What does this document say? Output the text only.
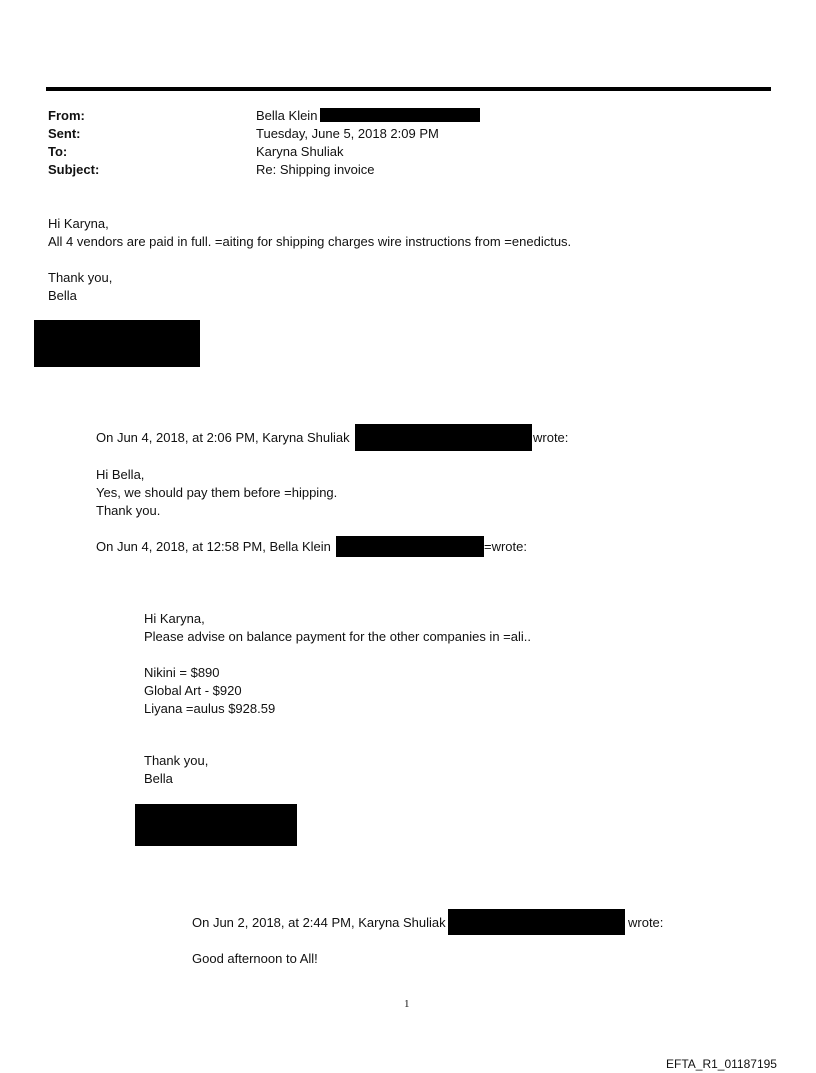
From:	Bella Klein
Sent:	Tuesday, June 5, 2018 2:09 PM
To:	Karyna Shuliak
Subject:	Re: Shipping invoice
Hi Karyna,
All 4 vendors are paid in full. =aiting for shipping charges wire instructions from =enedictus.
Thank you,
Bella
On Jun 4, 2018, at 2:06 PM, Karyna Shuliak	wrote:
Hi Bella,
Yes, we should pay them before =hipping.
Thank you.
On Jun 4, 2018, at 12:58 PM, Bella Klein	=wrote:
Hi Karyna,
Please advise on balance payment for the other companies in =ali..
Nikini = $890
Global Art - $920
Liyana =aulus $928.59
Thank you,
Bella
On Jun 2, 2018, at 2:44 PM, Karyna Shuliak	wrote:
Good afternoon to All!
1
EFTA_R1_01187195
